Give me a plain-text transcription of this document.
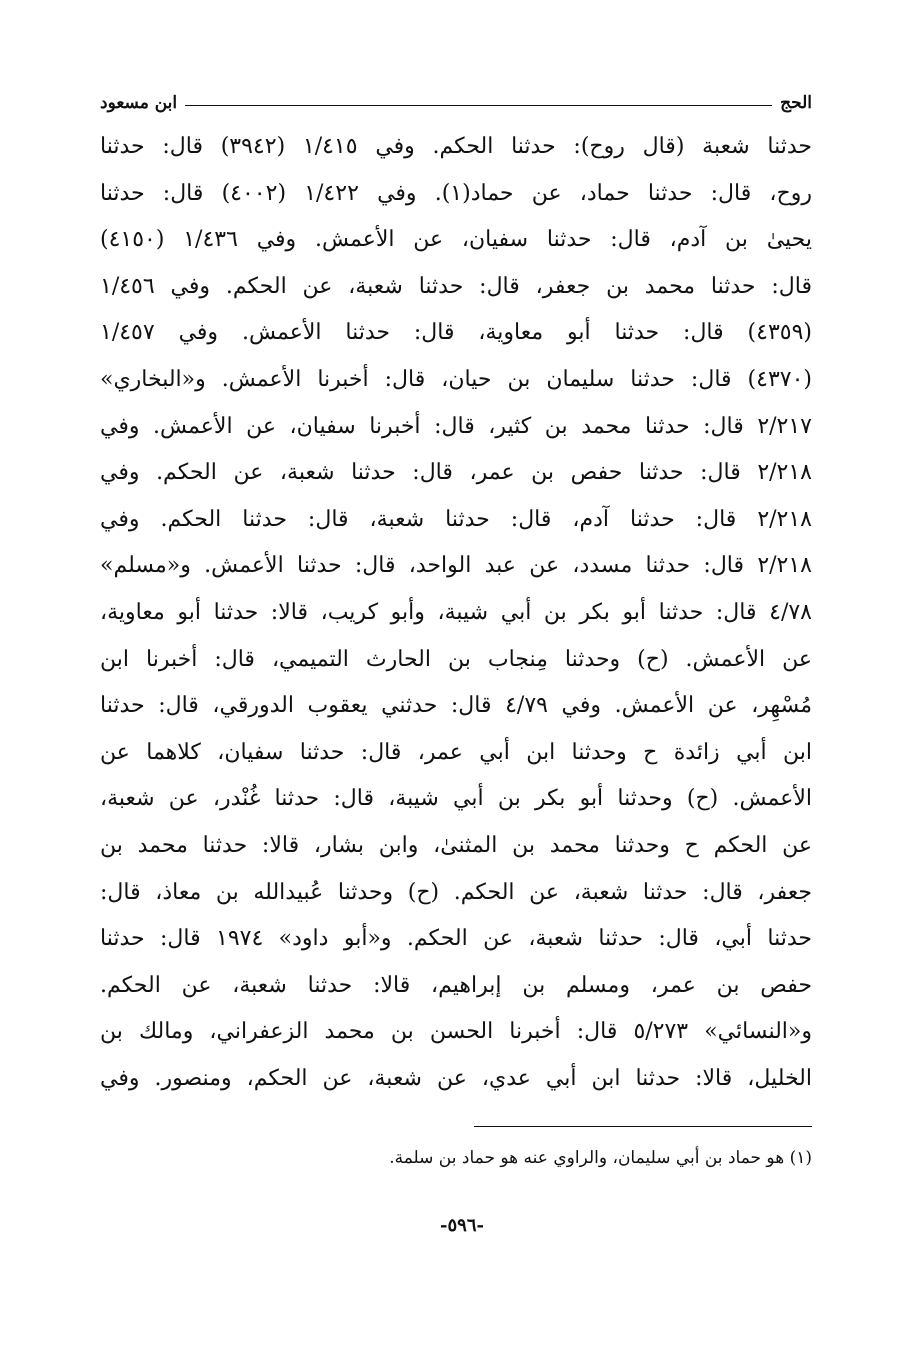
الحج
ابن مسعود
حدثنا شعبة (قال روح): حدثنا الحكم. وفي ١/٤١٥ (٣٩٤٢) قال: حدثنا
روح، قال: حدثنا حماد، عن حماد(١). وفي ١/٤٢٢ (٤٠٠٢) قال: حدثنا
يحيىٰ بن آدم، قال: حدثنا سفيان، عن الأعمش. وفي ١/٤٣٦ (٤١٥٠)
قال: حدثنا محمد بن جعفر، قال: حدثنا شعبة، عن الحكم. وفي ١/٤٥٦
(٤٣٥٩) قال: حدثنا أبو معاوية، قال: حدثنا الأعمش. وفي ١/٤٥٧
(٤٣٧٠) قال: حدثنا سليمان بن حيان، قال: أخبرنا الأعمش. و«البخاري»
٢/٢١٧ قال: حدثنا محمد بن كثير، قال: أخبرنا سفيان، عن الأعمش. وفي
٢/٢١٨ قال: حدثنا حفص بن عمر، قال: حدثنا شعبة، عن الحكم. وفي
٢/٢١٨ قال: حدثنا آدم، قال: حدثنا شعبة، قال: حدثنا الحكم. وفي
٢/٢١٨ قال: حدثنا مسدد، عن عبد الواحد، قال: حدثنا الأعمش. و«مسلم»
٤/٧٨ قال: حدثنا أبو بكر بن أبي شيبة، وأبو كريب، قالا: حدثنا أبو معاوية،
عن الأعمش. (ح) وحدثنا مِنجاب بن الحارث التميمي، قال: أخبرنا ابن
مُسْهِر، عن الأعمش. وفي ٤/٧٩ قال: حدثني يعقوب الدورقي، قال: حدثنا
ابن أبي زائدة ح وحدثنا ابن أبي عمر، قال: حدثنا سفيان، كلاهما عن
الأعمش. (ح) وحدثنا أبو بكر بن أبي شيبة، قال: حدثنا غُنْدر، عن شعبة،
عن الحكم ح وحدثنا محمد بن المثنىٰ، وابن بشار، قالا: حدثنا محمد بن
جعفر، قال: حدثنا شعبة، عن الحكم. (ح) وحدثنا عُبيدالله بن معاذ، قال:
حدثنا أبي، قال: حدثنا شعبة، عن الحكم. و«أبو داود» ١٩٧٤ قال: حدثنا
حفص بن عمر، ومسلم بن إبراهيم، قالا: حدثنا شعبة، عن الحكم.
و«النسائي» ٥/٢٧٣ قال: أخبرنا الحسن بن محمد الزعفراني، ومالك بن
الخليل، قالا: حدثنا ابن أبي عدي، عن شعبة، عن الحكم، ومنصور. وفي
(١) هو حماد بن أبي سليمان، والراوي عنه هو حماد بن سلمة.
-٥٩٦-
